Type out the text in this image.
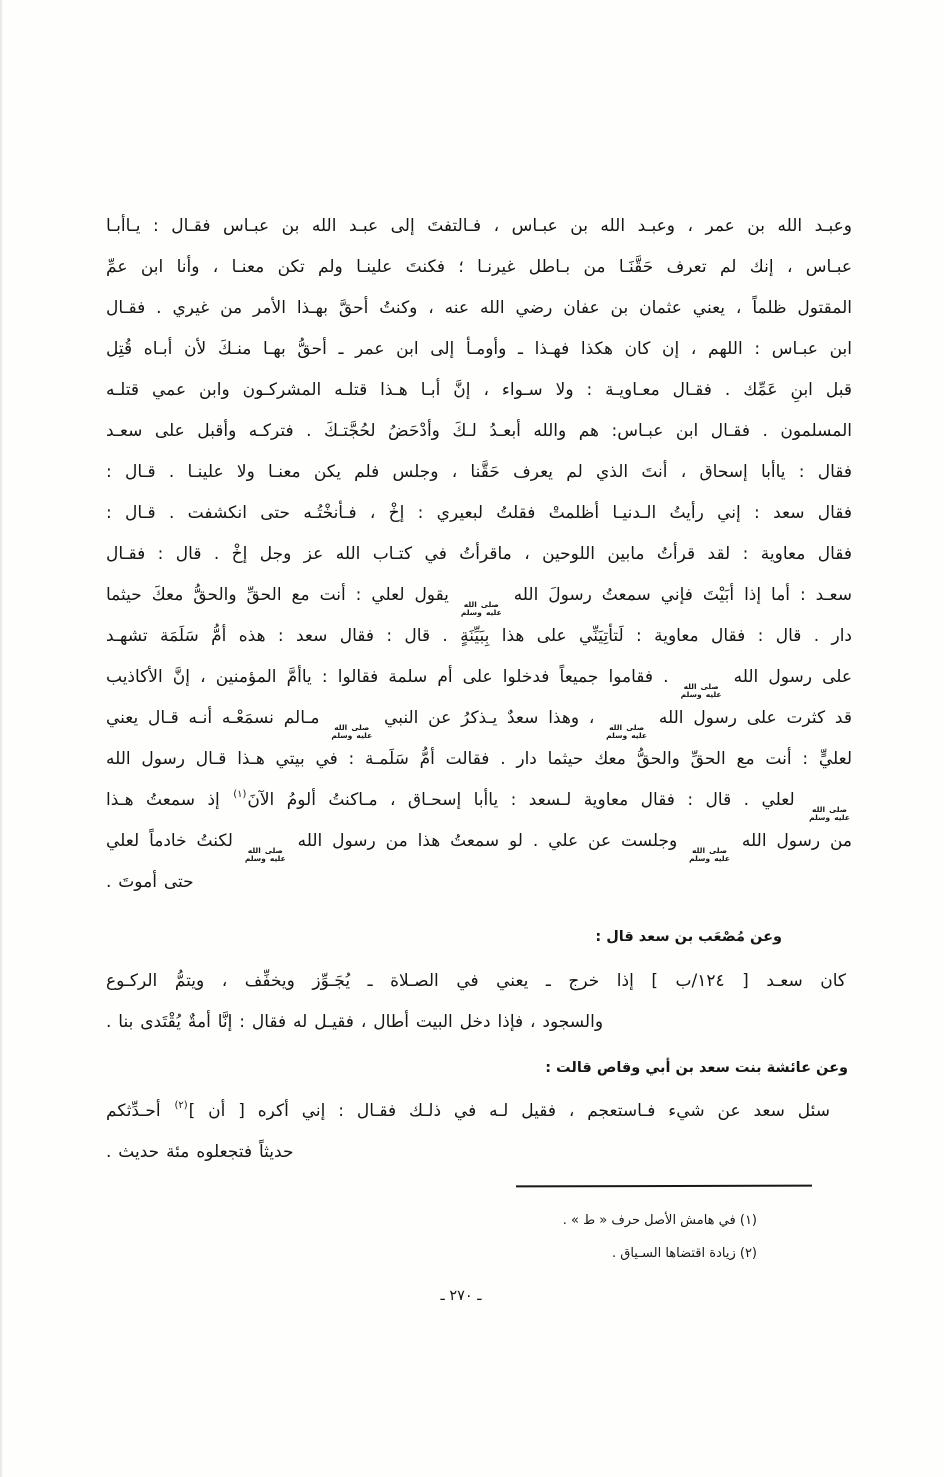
وعبـد الله بن عمر ، وعبـد الله بن عبـاس ، فـالتفتَ إلى عبـد الله بن عبـاس فقـال : يـاأبـا
عبـاس ، إنك لم تعرف حَقَّنَـا من بـاطل غيرنـا ؛ فكنتَ علينـا ولم تكن معنـا ، وأنا ابن عمِّ
المقتول ظلماً ، يعني عثمان بن عفان رضي الله عنه ، وكنتُ أحقَّ بهـذا الأمر من غيري . فقـال
ابن عبـاس : اللهم ، إن كان هكذا فهـذا ـ وأومـأ إلى ابن عمر ـ أحقُّ بهـا منـكَ لأن أبـاه قُتِل
قبل ابنِ عَمِّك . فقـال معـاويـة : ولا سـواء ، إنَّ أبـا هـذا قتلـه المشركـون وابن عمي قتلـه
المسلمون . فقـال ابن عبـاس: هم والله أبعـدُ لـكَ وأدْحَضُ لحُجَّتـكَ . فتركـه وأقبل على سعـد
فقال : ياأبا إسحاق ، أنتَ الذي لم يعرف حَقَّنا ، وجلس فلم يكن معنـا ولا علينـا . قـال :
فقال سعد : إني رأيتُ الـدنيـا أظلمتْ فقلتُ لبعيري : إخْ ، فـأنخْتُـه حتى انكشفت . قـال :
فقال معاوية : لقد قرأتُ مابين اللوحين ، ماقرأتُ في كتـاب الله عز وجل إخْ . قال : فقـال
سعـد : أما إذا أبَيْتَ فإني سمعتُ رسولَ الله
صلى الله
عليه وسلم
يقول لعلي : أنت مع الحقِّ والحقُّ معكَ حيثما
دار . قال : فقال معاوية : لَتأتِيَنِّي على هذا بِبَيِّنَةٍ . قال : فقال سعد : هذه أمُّ سَلَمَة تشهـد
على رسول الله
صلى الله
عليه وسلم
. فقاموا جميعاً فدخلوا على أم سلمة فقالوا : ياأمَّ المؤمنين ، إنَّ الأكاذيب
قد كثرت على رسول الله
صلى الله
عليه وسلم
، وهذا سعدٌ يـذكرُ عن النبي
صلى الله
عليه وسلم
مـالم نسمَعْـه أنـه قـال يعني
لعليٍّ : أنت مع الحقِّ والحقُّ معك حيثما دار . فقالت أمُّ سَلَمـة : في بيتي هـذا قـال رسول الله
صلى الله
عليه وسلم
لعلي . قال : فقال معاوية لـسعد : ياأبا إسحـاق ، مـاكنتُ ألومُ الآنَ$^{(١)}$ إذ سمعتُ هـذا
من رسول الله
صلى الله
عليه وسلم
وجلست عن علي . لو سمعتُ هذا من رسول الله
صلى الله
عليه وسلم
لكنتُ خادماً لعلي
حتى أموتَ .
وعن مُصْعَب بن سعد قال :
كان سعـد [ ١٢٤/ب ] إذا خرج ـ يعني في الصـلاة ـ يُجَـوِّز ويخفِّف ، ويتمُّ الركـوع
والسجود ، فإذا دخل البيت أطال ، فقيـل له فقال : إنَّا أمةٌ يُقْتَدى بنا .
وعن عائشة بنت سعد بن أبي وقاص قالت :
سئل سعد عن شيء فـاستعجم ، فقيل لـه في ذلـك فقـال : إني أكره [ أن ]$^{(٢)}$ أحـدِّثكم
حديثاً فتجعلوه مئة حديث .
(١) في هامش الأصل حرف « ط » .
(٢) زيادة اقتضاها السـياق .
ـ ٢٧٠ ـ
